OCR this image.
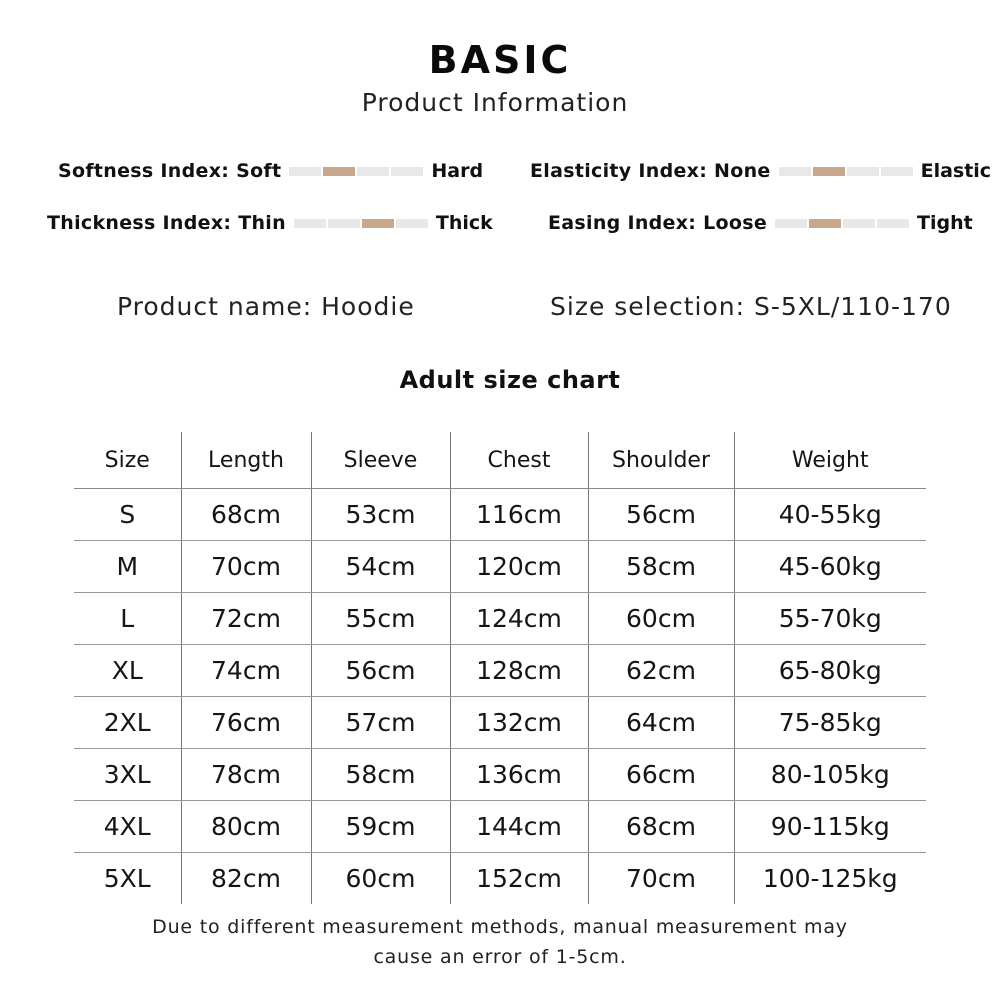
BASIC
Product Information
Softness Index: Soft	Hard Elasticity Index: None	Elastic
Thickness Index: Thin	Thick	Easing Index: Loose	Tight
Product name: Hoodie	Size selection: S-5XL/110-170
Adult size chart
Size	Length	Sleeve	Chest	Shoulder	Weight
S	68cm	53cm	116cm	56cm	40-55kg
M	70cm	54cm	120cm	58cm	45-60kg
L	72cm	55cm	124cm	60cm	55-70kg
XL	74cm	56cm	128cm	62cm	65-80kg
2XL	76cm	57cm	132cm	64cm	75-85kg
3XL	78cm	58cm	136cm	66cm	80-105kg
4XL	80cm	59cm	144cm	68cm	90-115kg
5XL	82cm	60cm	152cm	70cm	100-125kg
Due to different measurement methods, manual measurement may
cause an error of 1-5cm.
